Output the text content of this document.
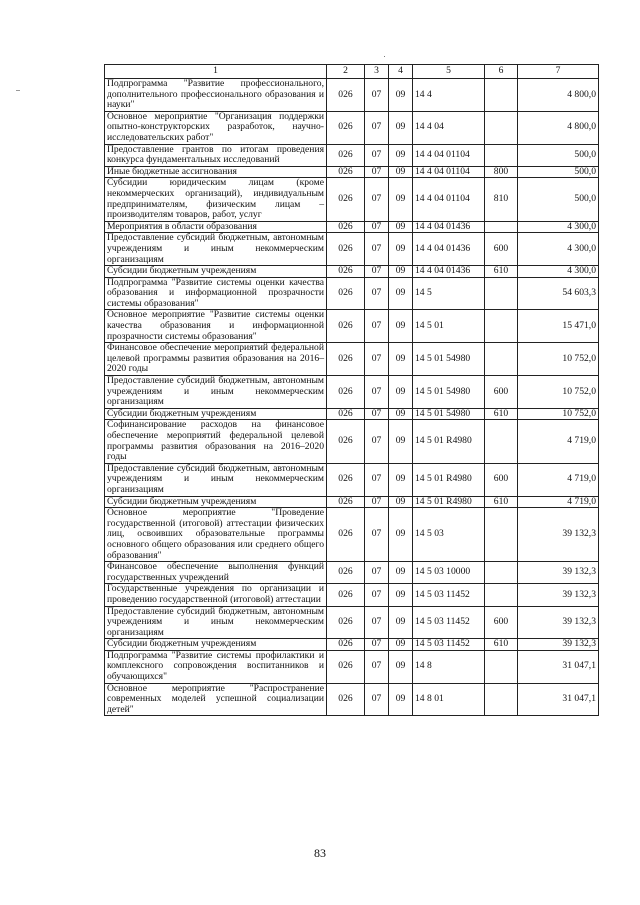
1	2	3	4	5	6	7
Подпрограмма "Развитие профессионального, дополнительного профессионального образования и науки"	026	07	09	14 4		4 800,0
Основное мероприятие "Организация поддержки опытно-конструкторских разработок, научно-исследовательских работ"	026	07	09	14 4 04		4 800,0
Предоставление грантов по итогам проведения конкурса фундаментальных исследований	026	07	09	14 4 04 01104		500,0
Иные бюджетные ассигнования	026	07	09	14 4 04 01104	800	500,0
Субсидии юридическим лицам (кроме некоммерческих организаций), индивидуальным предпринимателям, физическим лицам – производителям товаров, работ, услуг	026	07	09	14 4 04 01104	810	500,0
Мероприятия в области образования	026	07	09	14 4 04 01436		4 300,0
Предоставление субсидий бюджетным, автономным учреждениям и иным некоммерческим организациям	026	07	09	14 4 04 01436	600	4 300,0
Субсидии бюджетным учреждениям	026	07	09	14 4 04 01436	610	4 300,0
Подпрограмма "Развитие системы оценки качества образования и информационной прозрачности системы образования"	026	07	09	14 5		54 603,3
Основное мероприятие "Развитие системы оценки качества образования и информационной прозрачности системы образования"	026	07	09	14 5 01		15 471,0
Финансовое обеспечение мероприятий федеральной целевой программы развития образования на 2016–2020 годы	026	07	09	14 5 01 54980		10 752,0
Предоставление субсидий бюджетным, автономным учреждениям и иным некоммерческим организациям	026	07	09	14 5 01 54980	600	10 752,0
Субсидии бюджетным учреждениям	026	07	09	14 5 01 54980	610	10 752,0
Софинансирование расходов на финансовое обеспечение мероприятий федеральной целевой программы развития образования на 2016–2020 годы	026	07	09	14 5 01 R4980		4 719,0
Предоставление субсидий бюджетным, автономным учреждениям и иным некоммерческим организациям	026	07	09	14 5 01 R4980	600	4 719,0
Субсидии бюджетным учреждениям	026	07	09	14 5 01 R4980	610	4 719,0
Основное мероприятие "Проведение государственной (итоговой) аттестации физических лиц, освоивших образовательные программы основного общего образования или среднего общего образования"	026	07	09	14 5 03		39 132,3
Финансовое обеспечение выполнения функций государственных учреждений	026	07	09	14 5 03 10000		39 132,3
Государственные учреждения по организации и проведению государственной (итоговой) аттестации	026	07	09	14 5 03 11452		39 132,3
Предоставление субсидий бюджетным, автономным учреждениям и иным некоммерческим организациям	026	07	09	14 5 03 11452	600	39 132,3
Субсидии бюджетным учреждениям	026	07	09	14 5 03 11452	610	39 132,3
Подпрограмма "Развитие системы профилактики и комплексного сопровождения воспитанников и обучающихся"	026	07	09	14 8		31 047,1
Основное мероприятие "Распространение современных моделей успешной социализации детей"	026	07	09	14 8 01		31 047,1
83
